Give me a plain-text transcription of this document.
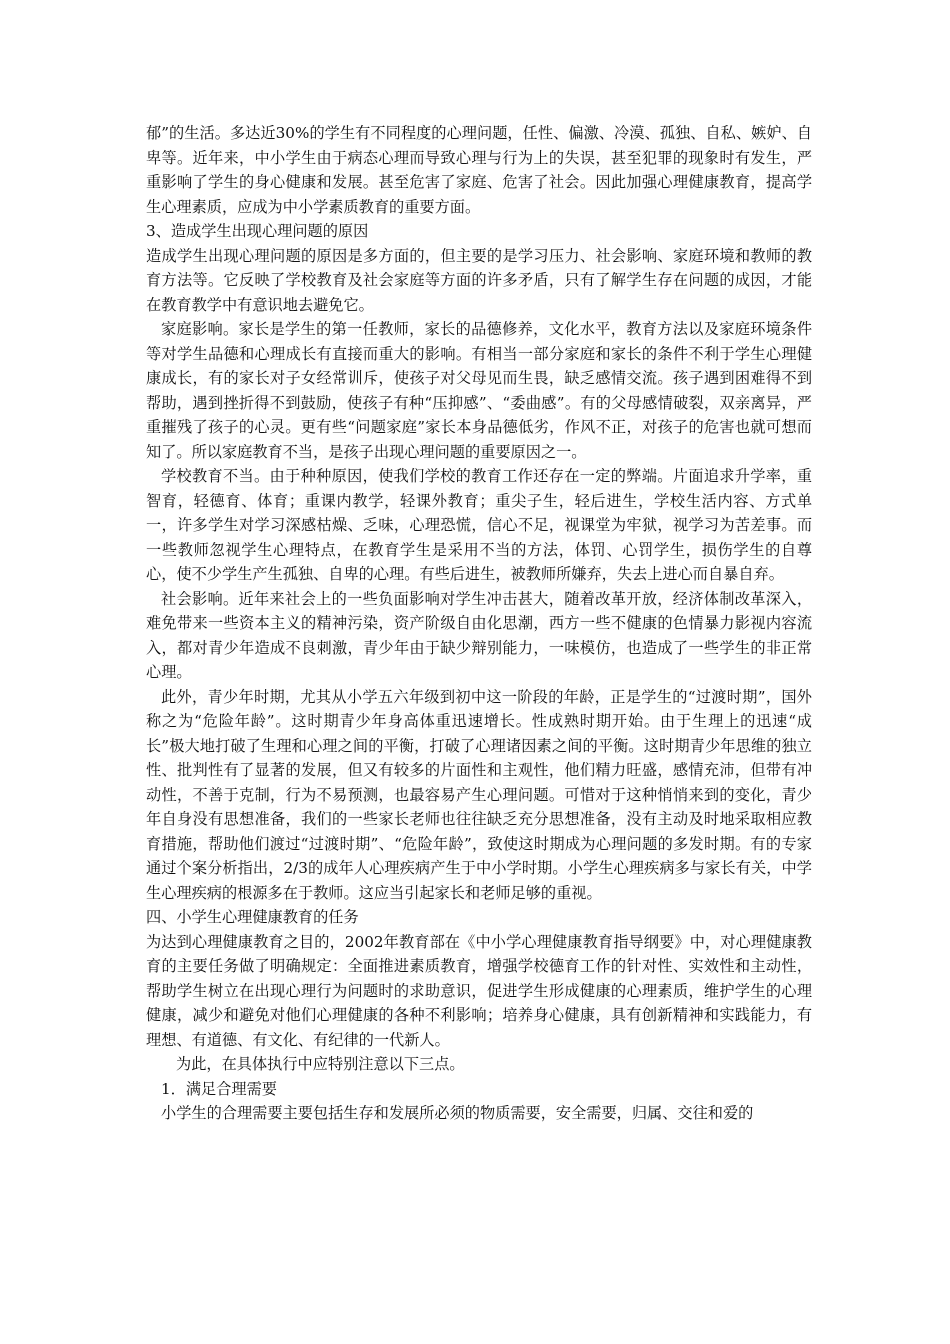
郁”的生活。多达近30%的学生有不同程度的心理问题，任性、偏激、冷漠、孤独、自私、嫉妒、自卑等。近年来，中小学生由于病态心理而导致心理与行为上的失误，甚至犯罪的现象时有发生，严重影响了学生的身心健康和发展。甚至危害了家庭、危害了社会。因此加强心理健康教育，提高学生心理素质，应成为中小学素质教育的重要方面。

3、造成学生出现心理问题的原因

造成学生出现心理问题的原因是多方面的，但主要的是学习压力、社会影响、家庭环境和教师的教育方法等。它反映了学校教育及社会家庭等方面的许多矛盾，只有了解学生存在问题的成因，才能在教育教学中有意识地去避免它。

家庭影响。家长是学生的第一任教师，家长的品德修养，文化水平，教育方法以及家庭环境条件等对学生品德和心理成长有直接而重大的影响。有相当一部分家庭和家长的条件不利于学生心理健康成长，有的家长对子女经常训斥，使孩子对父母见而生畏，缺乏感情交流。孩子遇到困难得不到帮助，遇到挫折得不到鼓励，使孩子有种“压抑感”、“委曲感”。有的父母感情破裂，双亲离异，严重摧残了孩子的心灵。更有些“问题家庭”家长本身品德低劣，作风不正，对孩子的危害也就可想而知了。所以家庭教育不当，是孩子出现心理问题的重要原因之一。

学校教育不当。由于种种原因，使我们学校的教育工作还存在一定的弊端。片面追求升学率，重智育，轻德育、体育；重课内教学，轻课外教育；重尖子生，轻后进生，学校生活内容、方式单一，许多学生对学习深感枯燥、乏味，心理恐慌，信心不足，视课堂为牢狱，视学习为苦差事。而一些教师忽视学生心理特点，在教育学生是采用不当的方法，体罚、心罚学生，损伤学生的自尊心，使不少学生产生孤独、自卑的心理。有些后进生，被教师所嫌弃，失去上进心而自暴自弃。

社会影响。近年来社会上的一些负面影响对学生冲击甚大，随着改革开放，经济体制改革深入，难免带来一些资本主义的精神污染，资产阶级自由化思潮，西方一些不健康的色情暴力影视内容流入，都对青少年造成不良刺激，青少年由于缺少辩别能力，一味模仿，也造成了一些学生的非正常心理。

此外，青少年时期，尤其从小学五六年级到初中这一阶段的年龄，正是学生的“过渡时期”，国外称之为“危险年龄”。这时期青少年身高体重迅速增长。性成熟时期开始。由于生理上的迅速“成长”极大地打破了生理和心理之间的平衡，打破了心理诸因素之间的平衡。这时期青少年思维的独立性、批判性有了显著的发展，但又有较多的片面性和主观性，他们精力旺盛，感情充沛，但带有冲动性，不善于克制，行为不易预测，也最容易产生心理问题。可惜对于这种悄悄来到的变化，青少年自身没有思想准备，我们的一些家长老师也往往缺乏充分思想准备，没有主动及时地采取相应教育措施，帮助他们渡过“过渡时期”、“危险年龄”，致使这时期成为心理问题的多发时期。有的专家通过个案分析指出，2/3的成年人心理疾病产生于中小学时期。小学生心理疾病多与家长有关，中学生心理疾病的根源多在于教师。这应当引起家长和老师足够的重视。

四、小学生心理健康教育的任务

为达到心理健康教育之目的，2002年教育部在《中小学心理健康教育指导纲要》中，对心理健康教育的主要任务做了明确规定：全面推进素质教育，增强学校德育工作的针对性、实效性和主动性，帮助学生树立在出现心理行为问题时的求助意识，促进学生形成健康的心理素质，维护学生的心理健康，减少和避免对他们心理健康的各种不利影响；培养身心健康，具有创新精神和实践能力，有理想、有道德、有文化、有纪律的一代新人。

为此，在具体执行中应特别注意以下三点。

1．满足合理需要

小学生的合理需要主要包括生存和发展所必须的物质需要，安全需要，归属、交往和爱的
